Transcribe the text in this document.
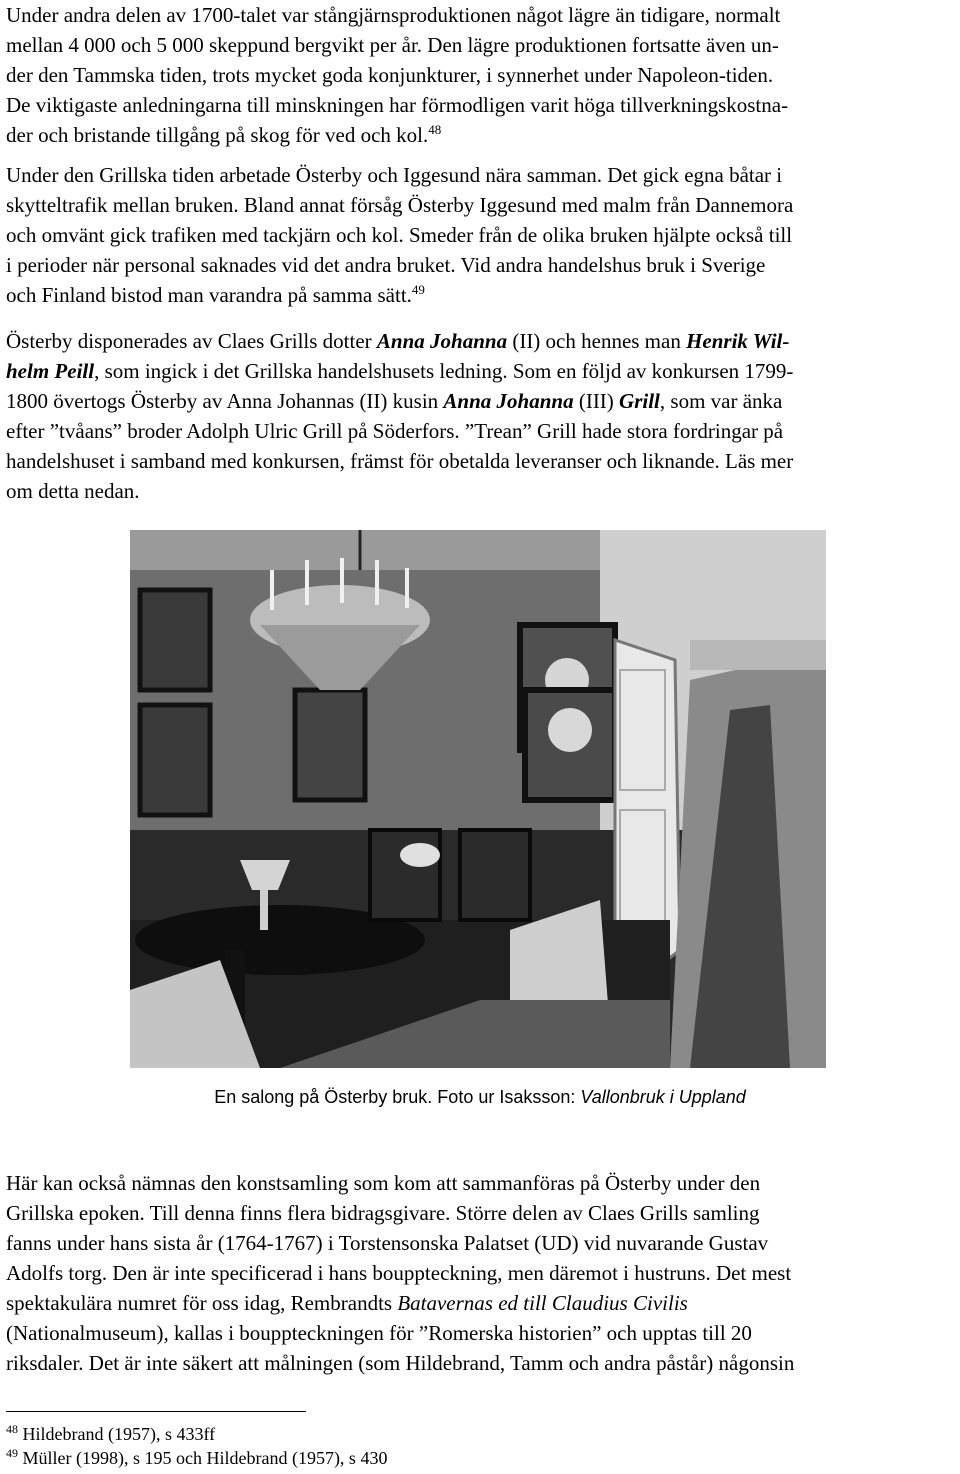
Under andra delen av 1700-talet var stångjärnsproduktionen något lägre än tidigare, normalt
mellan 4 000 och 5 000 skeppund bergvikt per år. Den lägre produktionen fortsatte även un-
der den Tammska tiden, trots mycket goda konjunkturer, i synnerhet under Napoleon-tiden.
De viktigaste anledningarna till minskningen har förmodligen varit höga tillverkningskostna-
der och bristande tillgång på skog för ved och kol.$^{48}$
Under den Grillska tiden arbetade Österby och Iggesund nära samman. Det gick egna båtar i
skytteltrafik mellan bruken. Bland annat försåg Österby Iggesund med malm från Dannemora
och omvänt gick trafiken med tackjärn och kol. Smeder från de olika bruken hjälpte också till
i perioder när personal saknades vid det andra bruket. Vid andra handelshus bruk i Sverige
och Finland bistod man varandra på samma sätt.$^{49}$
Österby disponerades av Claes Grills dotter Anna Johanna (II) och hennes man Henrik Wil-
helm Peill, som ingick i det Grillska handelshusets ledning. Som en följd av konkursen 1799-
1800 övertogs Österby av Anna Johannas (II) kusin Anna Johanna (III) Grill, som var änka
efter ”tvåans” broder Adolph Ulric Grill på Söderfors. ”Trean” Grill hade stora fordringar på
handelshuset i samband med konkursen, främst för obetalda leveranser och liknande. Läs mer
om detta nedan.
En salong på Österby bruk. Foto ur Isaksson: Vallonbruk i Uppland
Här kan också nämnas den konstsamling som kom att sammanföras på Österby under den
Grillska epoken. Till denna finns flera bidragsgivare. Större delen av Claes Grills samling
fanns under hans sista år (1764-1767) i Torstensonska Palatset (UD) vid nuvarande Gustav
Adolfs torg. Den är inte specificerad i hans bouppteckning, men däremot i hustruns. Det mest
spektakulära numret för oss idag, Rembrandts Batavernas ed till Claudius Civilis
(Nationalmuseum), kallas i bouppteckningen för ”Romerska historien” och upptas till 20
riksdaler. Det är inte säkert att målningen (som Hildebrand, Tamm och andra påstår) någonsin
$^{48}$ Hildebrand (1957), s 433ff
$^{49}$ Müller (1998), s 195 och Hildebrand (1957), s 430
